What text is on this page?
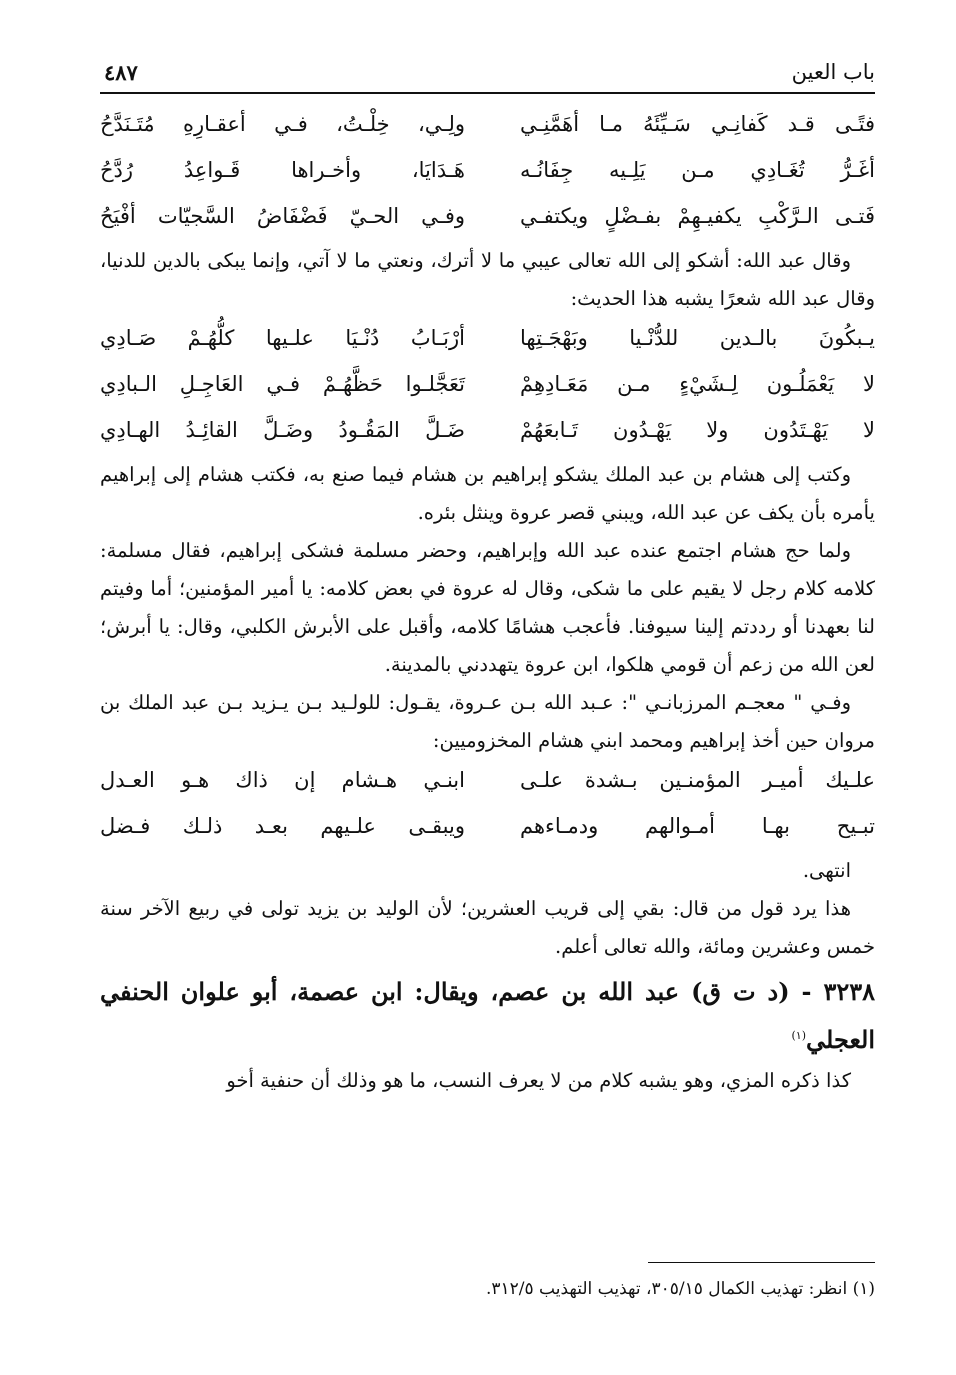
باب العين
٤٨٧
فتًـى قـد كَفانِـي سَـيِّئَهُ مـا أهَمَّنِـي
ولِـي، خِلْـتُ، فـي أعقـارِهِ مُتَـنَدَّحُ
أغَـرُّ تُغَـادِي مـن يَلِـيه جِفَانُـه
هَـدَايَا، وأخـراها قَـواعِدُ رُدَّحُ
فَتـى الـرَّكْبِ يكفيـهِمْ بفـضْلٍ ويكتفـي
وفـي الحـيّ فَضْفَاضُ السَّجيّات أفْيَحُ

وقال عبد الله: أشكو إلى الله تعالى عيبي ما لا أترك، ونعتي ما لا آتي، وإنما يبكى بالدين للدنيا، وقال عبد الله شعرًا يشبه هذا الحديث:

يـبكُونَ بالـدين للدُّنْـيا وبَهْجَـتِها
أرْبَـابُ دُنْـيَا علـيها كلُّهُـمْ صَـادِي
لا يَعْمَلُـون لِـشَيْءٍ مـن مَعَـادِهِمْ
تَعَجَّلـوا حَظَّهُـمْ فـي العَاجِـلِ الـبادِي
لا يَهْـتَدُون ولا يَهْـدُون تَـابعَهُمْ
ضَـلَّ المَقُـودُ وضَـلَّ القائِـدُ الهـادِي

وكتب إلى هشام بن عبد الملك يشكو إبراهيم بن هشام فيما صنع به، فكتب هشام إلى إبراهيم يأمره بأن يكف عن عبد الله، ويبني قصر عروة وينثل بئره.

ولما حج هشام اجتمع عنده عبد الله وإبراهيم، وحضر مسلمة فشكى إبراهيم، فقال مسلمة: كلامه كلام رجل لا يقيم على ما شكى، وقال له عروة في بعض كلامه: يا أمير المؤمنين؛ أما وفيتم لنا بعهدنا أو رددتم إلينا سيوفنا. فأعجب هشامًا كلامه، وأقبل على الأبرش الكلبي، وقال: يا أبرش؛ لعن الله من زعم أن قومي هلكوا، ابن عروة يتهددني بالمدينة.

وفـي " معجـم المرزبانـي ": عـبد الله بـن عـروة، يقـول: للولـيد بـن يـزيد بـن عبد الملك بن مروان حين أخذ إبراهيم ومحمد ابني هشام المخزوميين:

علـيك أميـر المؤمنـين بـشدة علـى
ابنـي هـشام إن ذاك هـو العـدل
تبـيح بهـا أمـوالهم ودمـاءهم
ويبقـى علـيهم بعـد ذلـك فـضل

انتهى.

هذا يرد قول من قال: بقي إلى قريب العشرين؛ لأن الوليد بن يزيد تولى في ربيع الآخر سنة خمس وعشرين ومائة، والله تعالى أعلم.

٣٢٣٨ - (د ت ق) عبد الله بن عصم، ويقال: ابن عصمة، أبو علوان الحنفي العجلي$^{(١)}$

كذا ذكره المزي، وهو يشبه كلام من لا يعرف النسب، ما هو وذلك أن حنفية أخو

(١) انظر: تهذيب الكمال ٣٠٥/١٥، تهذيب التهذيب ٣١٢/٥.
